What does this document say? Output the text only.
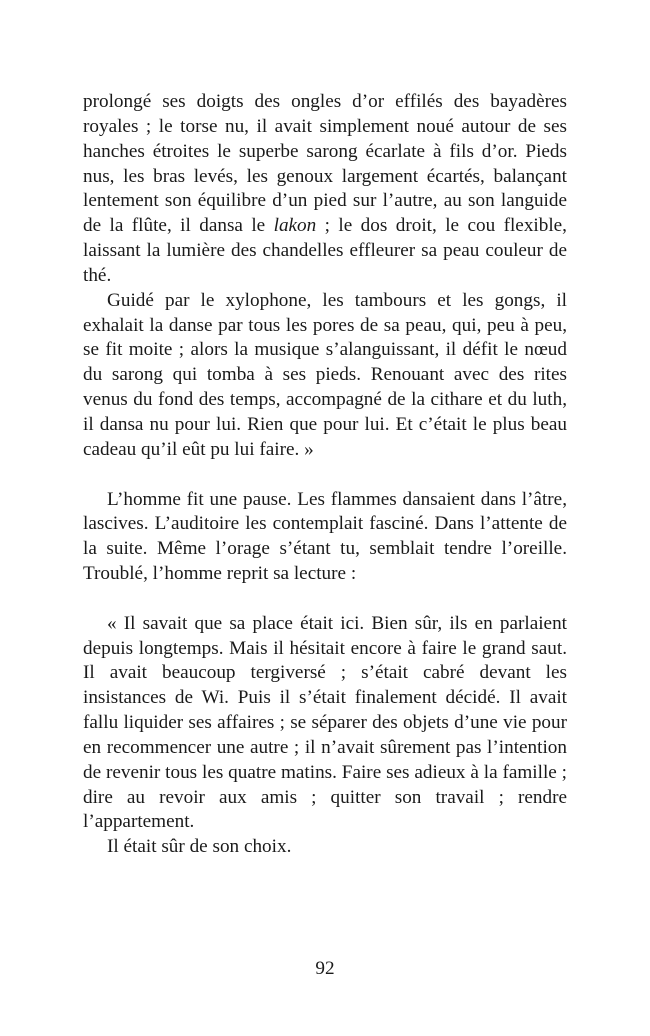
prolongé ses doigts des ongles d’or effilés des bayadères royales ; le torse nu, il avait simplement noué autour de ses hanches étroites le superbe sarong écarlate à fils d’or. Pieds nus, les bras levés, les genoux largement écartés, balançant lentement son équilibre d’un pied sur l’autre, au son languide de la flûte, il dansa le lakon ; le dos droit, le cou flexible, laissant la lumière des chandelles effleurer sa peau couleur de thé.

Guidé par le xylophone, les tambours et les gongs, il exhalait la danse par tous les pores de sa peau, qui, peu à peu, se fit moite ; alors la musique s’alanguissant, il défit le nœud du sarong qui tomba à ses pieds. Renouant avec des rites venus du fond des temps, accompagné de la cithare et du luth, il dansa nu pour lui. Rien que pour lui. Et c’était le plus beau cadeau qu’il eût pu lui faire. »

L’homme fit une pause. Les flammes dansaient dans l’âtre, lascives. L’auditoire les contemplait fasciné. Dans l’attente de la suite. Même l’orage s’étant tu, semblait tendre l’oreille. Troublé, l’homme reprit sa lecture :

« Il savait que sa place était ici. Bien sûr, ils en parlaient depuis longtemps. Mais il hésitait encore à faire le grand saut. Il avait beaucoup tergiversé ; s’était cabré devant les insistances de Wi. Puis il s’était finalement décidé. Il avait fallu liquider ses affaires ; se séparer des objets d’une vie pour en recommencer une autre ; il n’avait sûrement pas l’intention de revenir tous les quatre matins. Faire ses adieux à la famille ; dire au revoir aux amis ; quitter son travail ; rendre l’appartement.

Il était sûr de son choix.

92
